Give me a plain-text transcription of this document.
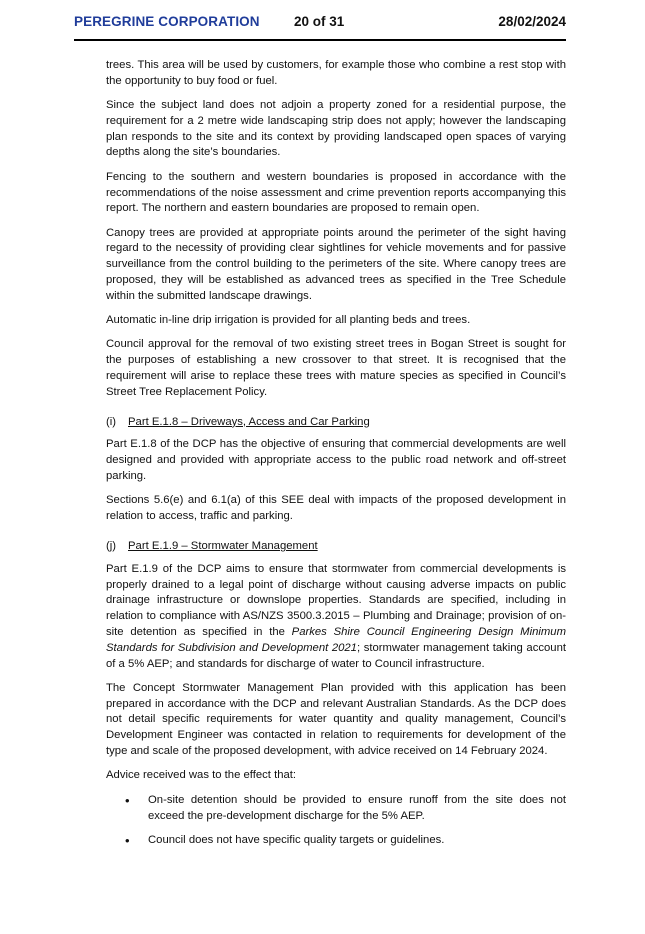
PEREGRINE CORPORATION	20 of 31	28/02/2024

trees. This area will be used by customers, for example those who combine a rest stop with the opportunity to buy food or fuel.

Since the subject land does not adjoin a property zoned for a residential purpose, the requirement for a 2 metre wide landscaping strip does not apply; however the landscaping plan responds to the site and its context by providing landscaped open spaces of varying depths along the site’s boundaries.

Fencing to the southern and western boundaries is proposed in accordance with the recommendations of the noise assessment and crime prevention reports accompanying this report. The northern and eastern boundaries are proposed to remain open.

Canopy trees are provided at appropriate points around the perimeter of the sight having regard to the necessity of providing clear sightlines for vehicle movements and for passive surveillance from the control building to the perimeters of the site. Where canopy trees are proposed, they will be established as advanced trees as specified in the Tree Schedule within the submitted landscape drawings.

Automatic in-line drip irrigation is provided for all planting beds and trees.

Council approval for the removal of two existing street trees in Bogan Street is sought for the purposes of establishing a new crossover to that street. It is recognised that the requirement will arise to replace these trees with mature species as specified in Council’s Street Tree Replacement Policy.

(i) Part E.1.8 – Driveways, Access and Car Parking

Part E.1.8 of the DCP has the objective of ensuring that commercial developments are well designed and provided with appropriate access to the public road network and off-street parking.

Sections 5.6(e) and 6.1(a) of this SEE deal with impacts of the proposed development in relation to access, traffic and parking.

(j) Part E.1.9 – Stormwater Management

Part E.1.9 of the DCP aims to ensure that stormwater from commercial developments is properly drained to a legal point of discharge without causing adverse impacts on public drainage infrastructure or downslope properties. Standards are specified, including in relation to compliance with AS/NZS 3500.3.2015 – Plumbing and Drainage; provision of on-site detention as specified in the Parkes Shire Council Engineering Design Minimum Standards for Subdivision and Development 2021; stormwater management taking account of a 5% AEP; and standards for discharge of water to Council infrastructure.

The Concept Stormwater Management Plan provided with this application has been prepared in accordance with the DCP and relevant Australian Standards. As the DCP does not detail specific requirements for water quantity and quality management, Council’s Development Engineer was contacted in relation to requirements for development of the type and scale of the proposed development, with advice received on 14 February 2024.

Advice received was to the effect that:

• On-site detention should be provided to ensure runoff from the site does not exceed the pre-development discharge for the 5% AEP.
• Council does not have specific quality targets or guidelines.
